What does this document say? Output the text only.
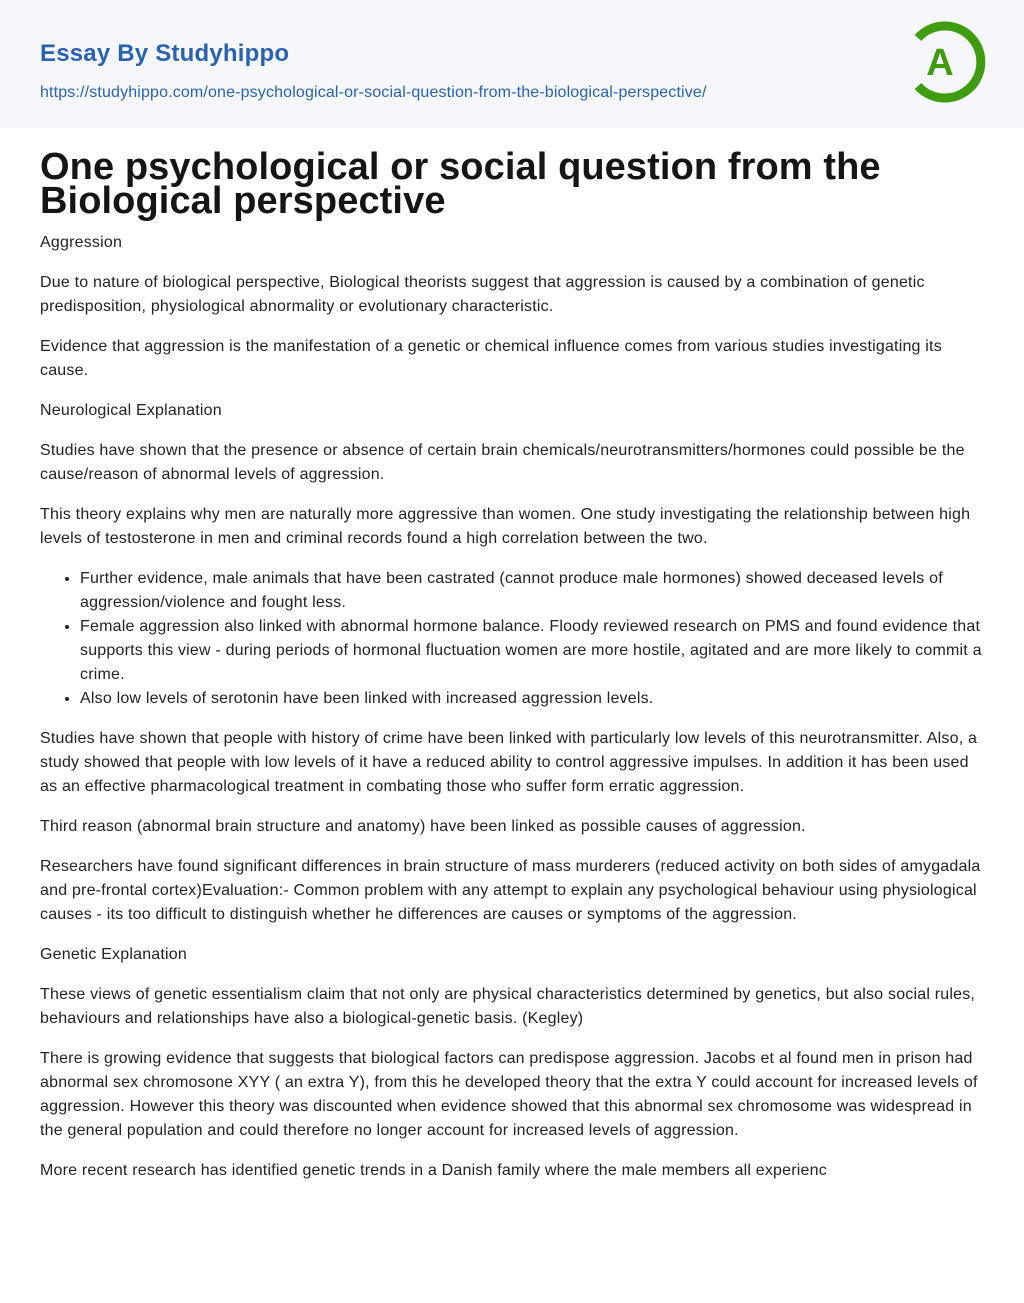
Essay By Studyhippo
https://studyhippo.com/one-psychological-or-social-question-from-the-biological-perspective/
A
One psychological or social question from the Biological perspective

Aggression

Due to nature of biological perspective, Biological theorists suggest that aggression is caused by a combination of genetic predisposition, physiological abnormality or evolutionary characteristic.

Evidence that aggression is the manifestation of a genetic or chemical influence comes from various studies investigating its cause.

Neurological Explanation

Studies have shown that the presence or absence of certain brain chemicals/neurotransmitters/hormones could possible be the cause/reason of abnormal levels of aggression.

This theory explains why men are naturally more aggressive than women. One study investigating the relationship between high levels of testosterone in men and criminal records found a high correlation between the two.

• Further evidence, male animals that have been castrated (cannot produce male hormones) showed deceased levels of aggression/violence and fought less.
• Female aggression also linked with abnormal hormone balance. Floody reviewed research on PMS and found evidence that supports this view - during periods of hormonal fluctuation women are more hostile, agitated and are more likely to commit a crime.
• Also low levels of serotonin have been linked with increased aggression levels.

Studies have shown that people with history of crime have been linked with particularly low levels of this neurotransmitter. Also, a study showed that people with low levels of it have a reduced ability to control aggressive impulses. In addition it has been used as an effective pharmacological treatment in combating those who suffer form erratic aggression.

Third reason (abnormal brain structure and anatomy) have been linked as possible causes of aggression.

Researchers have found significant differences in brain structure of mass murderers (reduced activity on both sides of amygadala and pre-frontal cortex)Evaluation:- Common problem with any attempt to explain any psychological behaviour using physiological causes - its too difficult to distinguish whether he differences are causes or symptoms of the aggression.

Genetic Explanation

These views of genetic essentialism claim that not only are physical characteristics determined by genetics, but also social rules, behaviours and relationships have also a biological-genetic basis. (Kegley)

There is growing evidence that suggests that biological factors can predispose aggression. Jacobs et al found men in prison had abnormal sex chromosone XYY ( an extra Y), from this he developed theory that the extra Y could account for increased levels of aggression. However this theory was discounted when evidence showed that this abnormal sex chromosome was widespread in the general population and could therefore no longer account for increased levels of aggression.

More recent research has identified genetic trends in a Danish family where the male members all experienc
